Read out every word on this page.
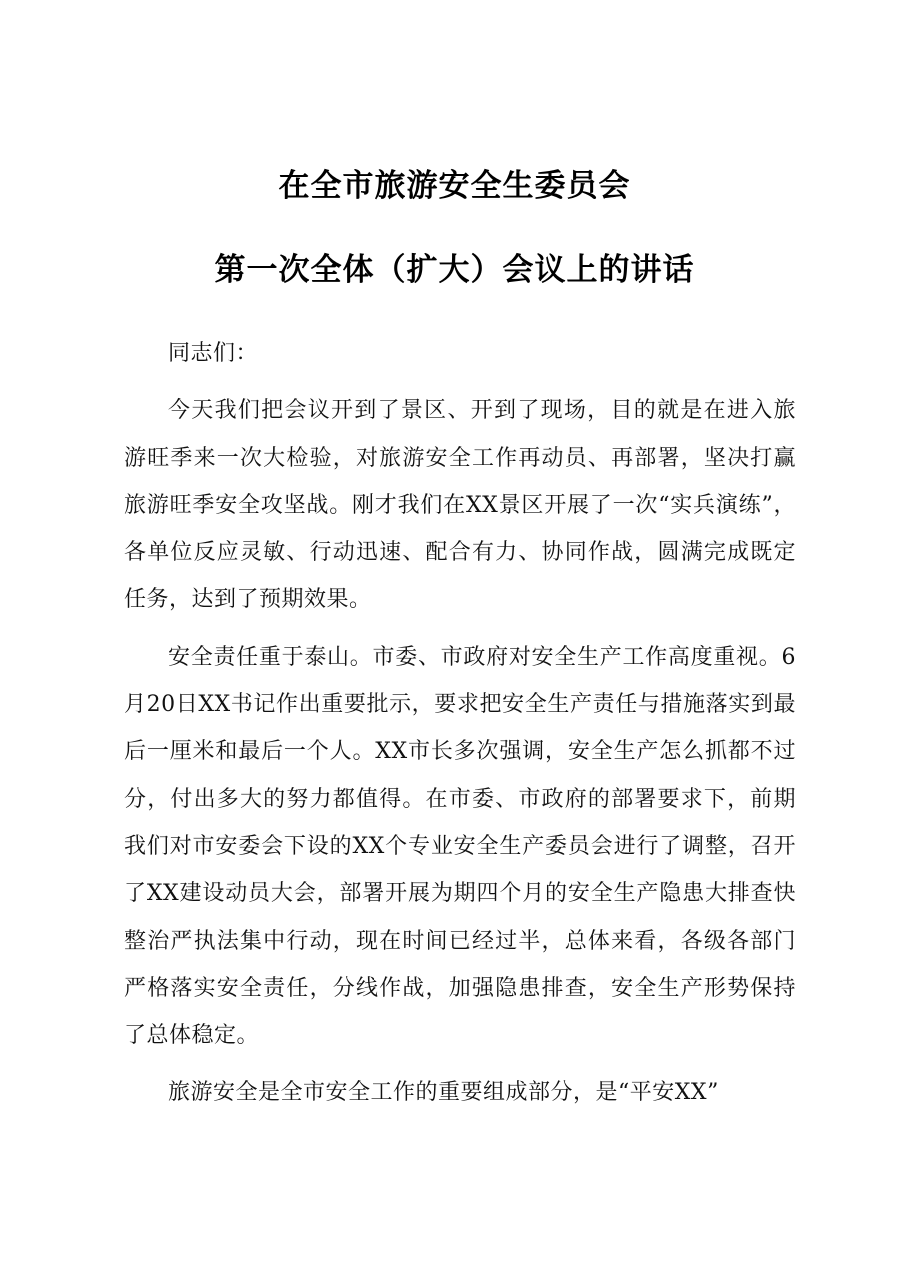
在全市旅游安全生委员会
第一次全体（扩大）会议上的讲话

同志们：

今天我们把会议开到了景区、开到了现场，目的就是在进入旅游旺季来一次大检验，对旅游安全工作再动员、再部署，坚决打赢旅游旺季安全攻坚战。刚才我们在XX景区开展了一次“实兵演练”，各单位反应灵敏、行动迅速、配合有力、协同作战，圆满完成既定任务，达到了预期效果。

安全责任重于泰山。市委、市政府对安全生产工作高度重视。6月20日XX书记作出重要批示，要求把安全生产责任与措施落实到最后一厘米和最后一个人。XX市长多次强调，安全生产怎么抓都不过分，付出多大的努力都值得。在市委、市政府的部署要求下，前期我们对市安委会下设的XX个专业安全生产委员会进行了调整，召开了XX建设动员大会，部署开展为期四个月的安全生产隐患大排查快整治严执法集中行动，现在时间已经过半，总体来看，各级各部门严格落实安全责任，分线作战，加强隐患排查，安全生产形势保持了总体稳定。

旅游安全是全市安全工作的重要组成部分，是“平安XX”
